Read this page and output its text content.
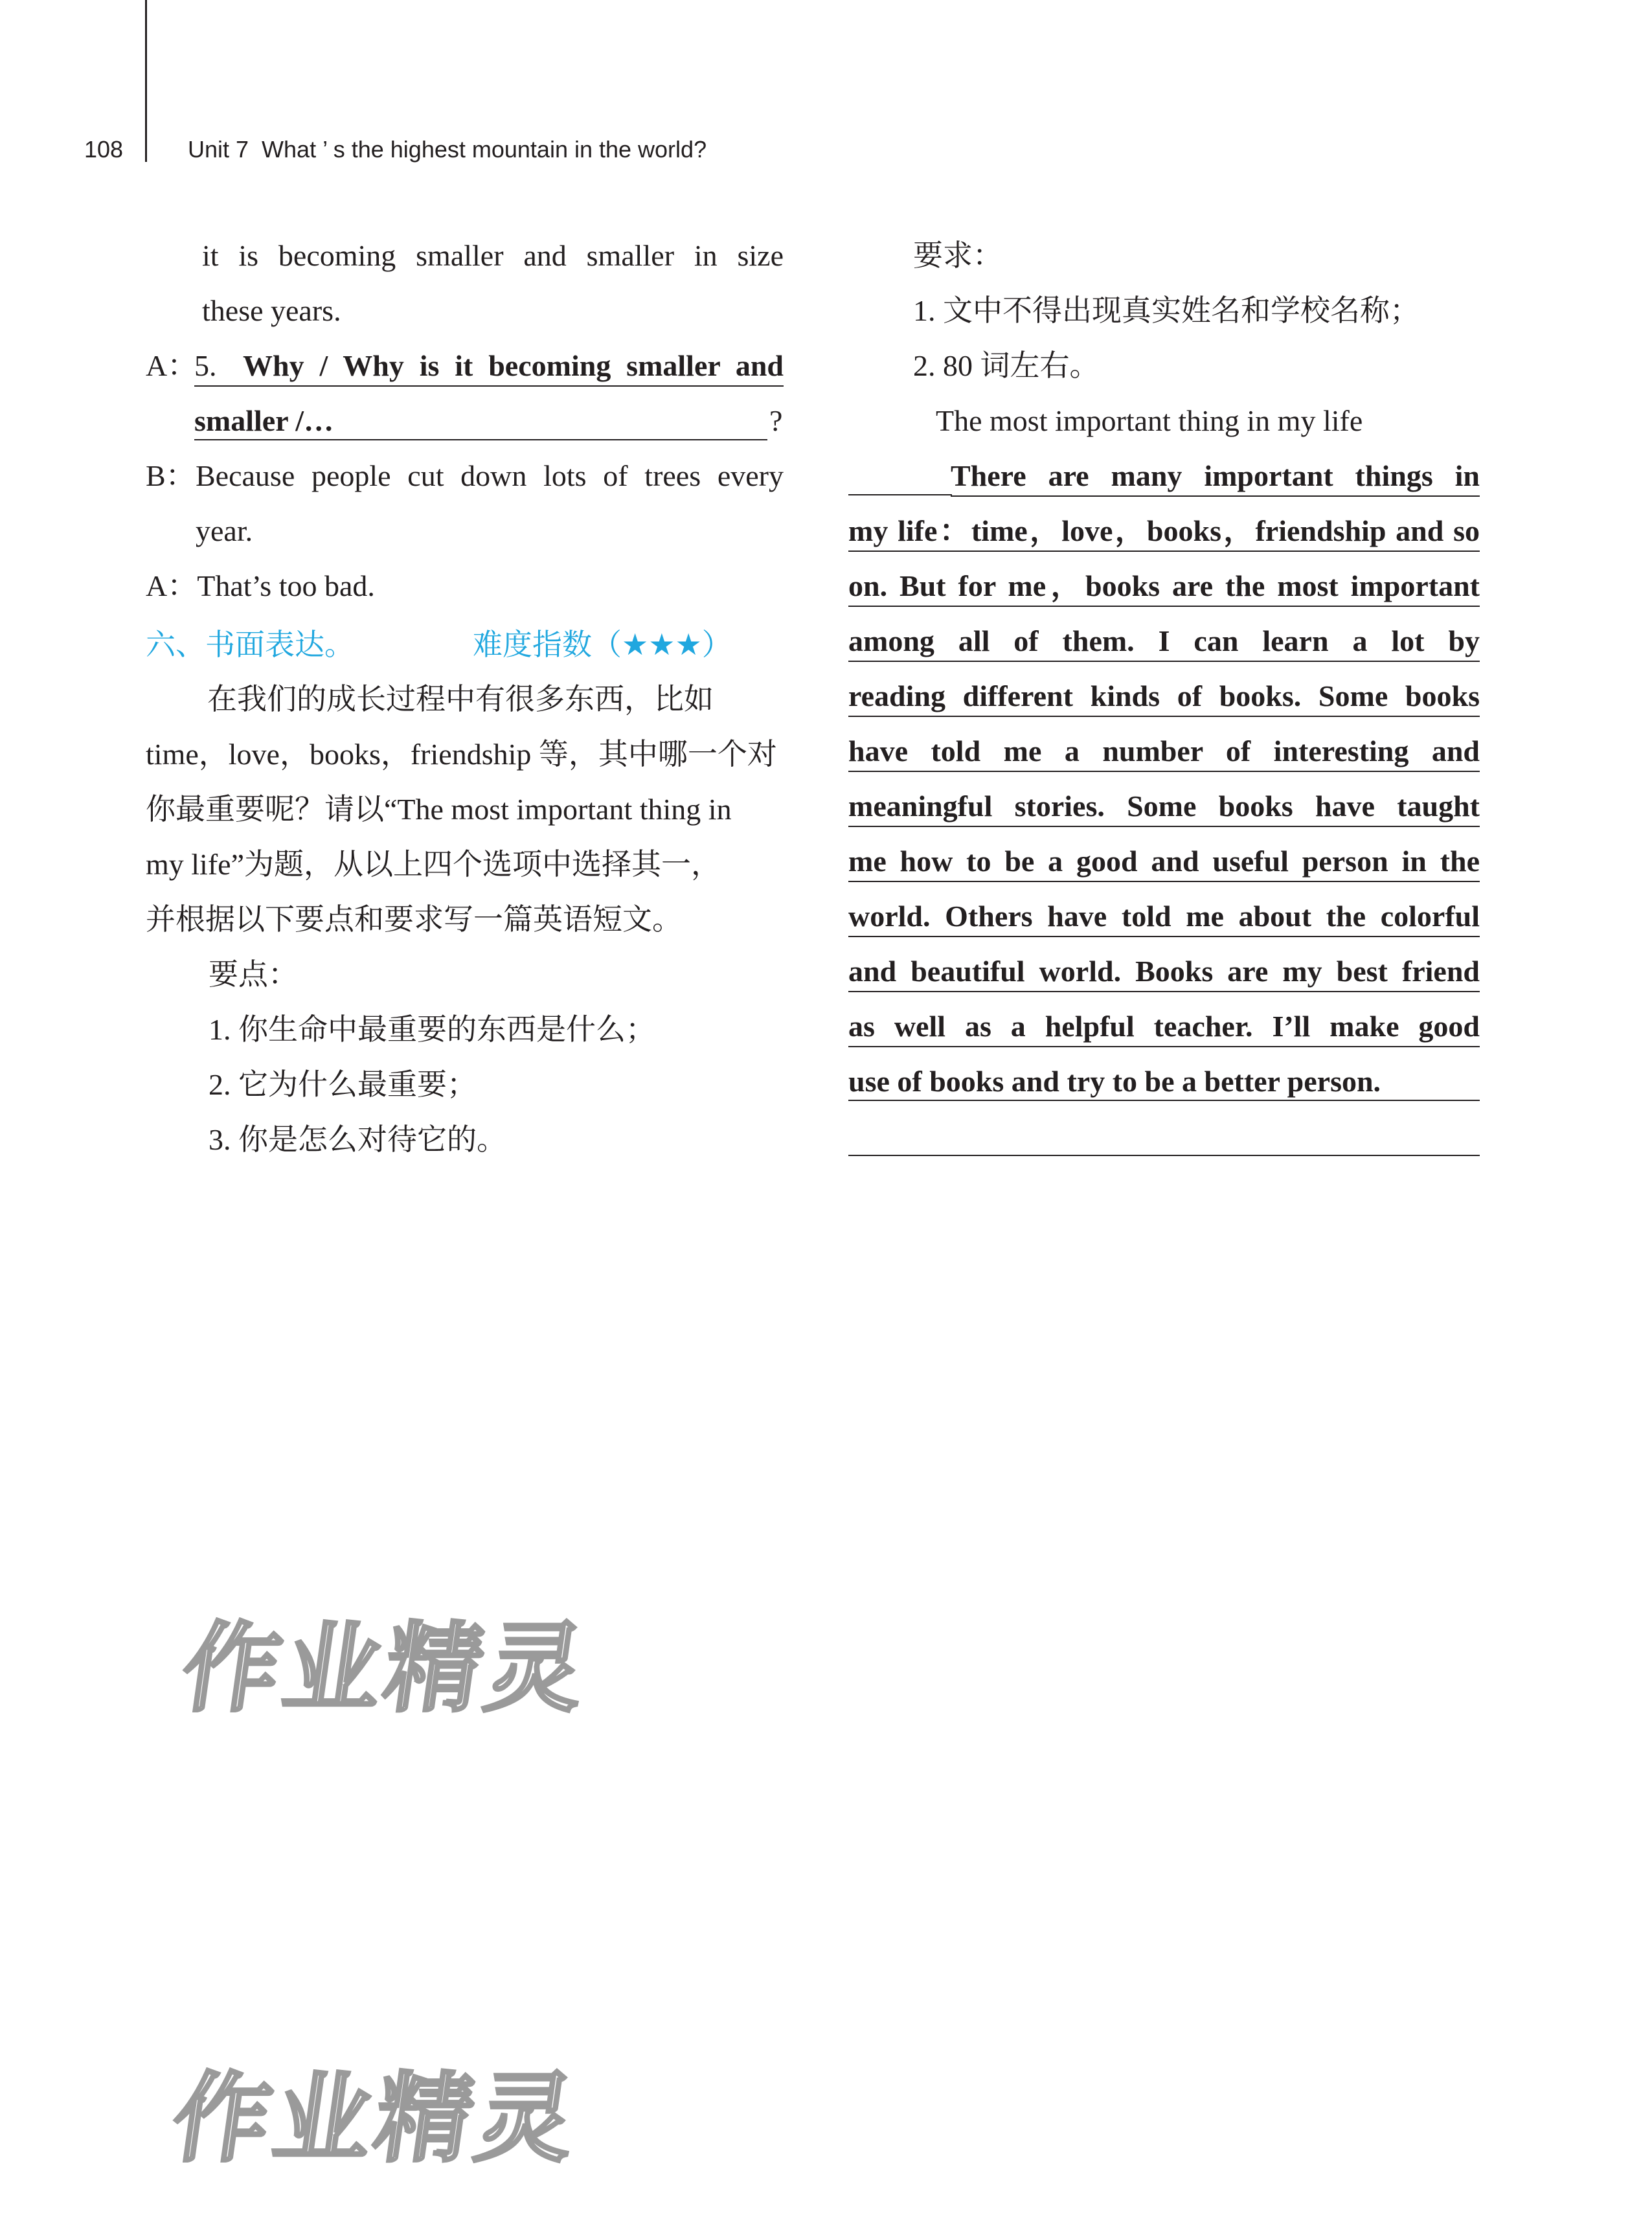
108	Unit 7  What ’ s the highest mountain in the world?
it is becoming smaller and smaller in size
these years.
A：
5. Why / Why is it becoming smaller and
smaller /…	?
B： Because people cut down lots of trees every
year.
A：That’s too bad.
六、书面表达。	难度指数（★★★）
在我们的成长过程中有很多东西，比如
time，love，books，friendship 等，其中哪一个对
你最重要呢？请以“The most important thing in
my life”为题，从以上四个选项中选择其一，
并根据以下要点和要求写一篇英语短文。
要点：
1. 你生命中最重要的东西是什么；
2. 它为什么最重要；
3. 你是怎么对待它的。
要求：
1. 文中不得出现真实姓名和学校名称；
2. 80 词左右。
The most important thing in my life
There are many important things in
my life：time，love，books，friendship and so
on. But for me，books are the most important
among all of them. I can learn a lot by
reading different kinds of books. Some books
have told me a number of interesting and
meaningful stories. Some books have taught
me how to be a good and useful person in the
world. Others have told me about the colorful
and beautiful world. Books are my best friend
as well as a helpful teacher. I’ll make good
use of books and try to be a better person.
作业精灵
作业精灵
